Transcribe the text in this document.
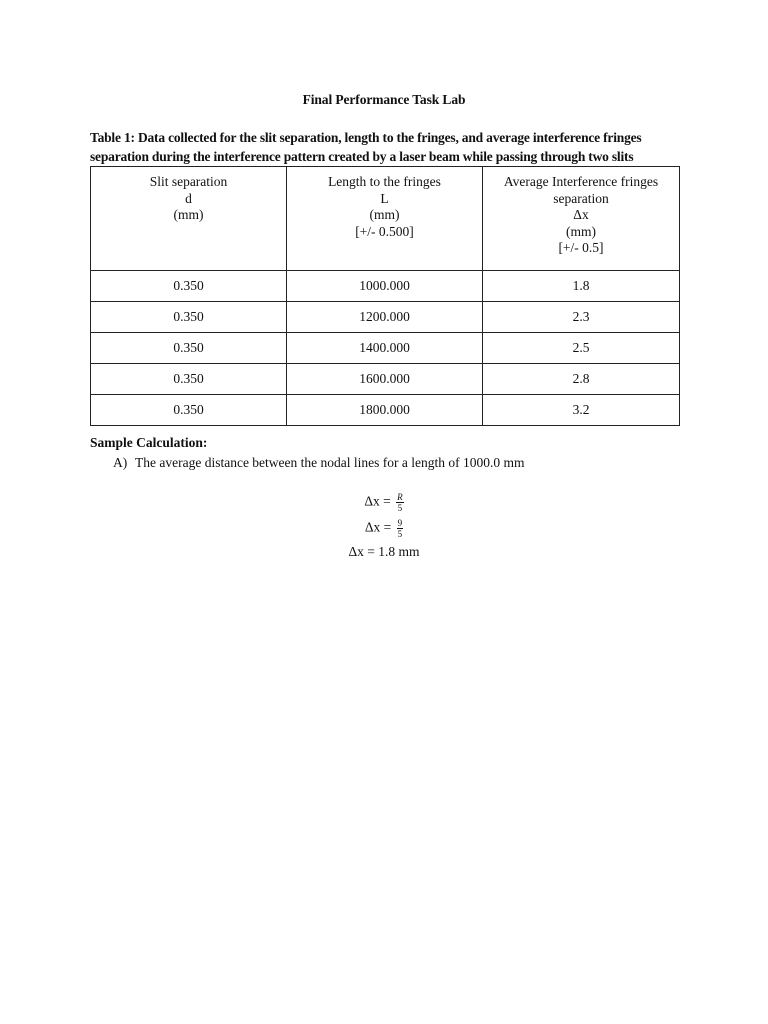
Final Performance Task Lab
Table 1: Data collected for the slit separation, length to the fringes, and average interference fringes separation during the interference pattern created by a laser beam while passing through two slits
Slit separation
d
(mm)	Length to the fringes
L
(mm)
[+/- 0.500]	Average Interference fringes
separation
Δx
(mm)
[+/- 0.5]

0.350	1000.000	1.8
0.350	1200.000	2.3
0.350	1400.000	2.5
0.350	1600.000	2.8
0.350	1800.000	3.2
Sample Calculation:
A) The average distance between the nodal lines for a length of 1000.0 mm
$\Delta x = \frac{R}{5}$
$\Delta x = \frac{9}{5}$
Δx = 1.8 mm
